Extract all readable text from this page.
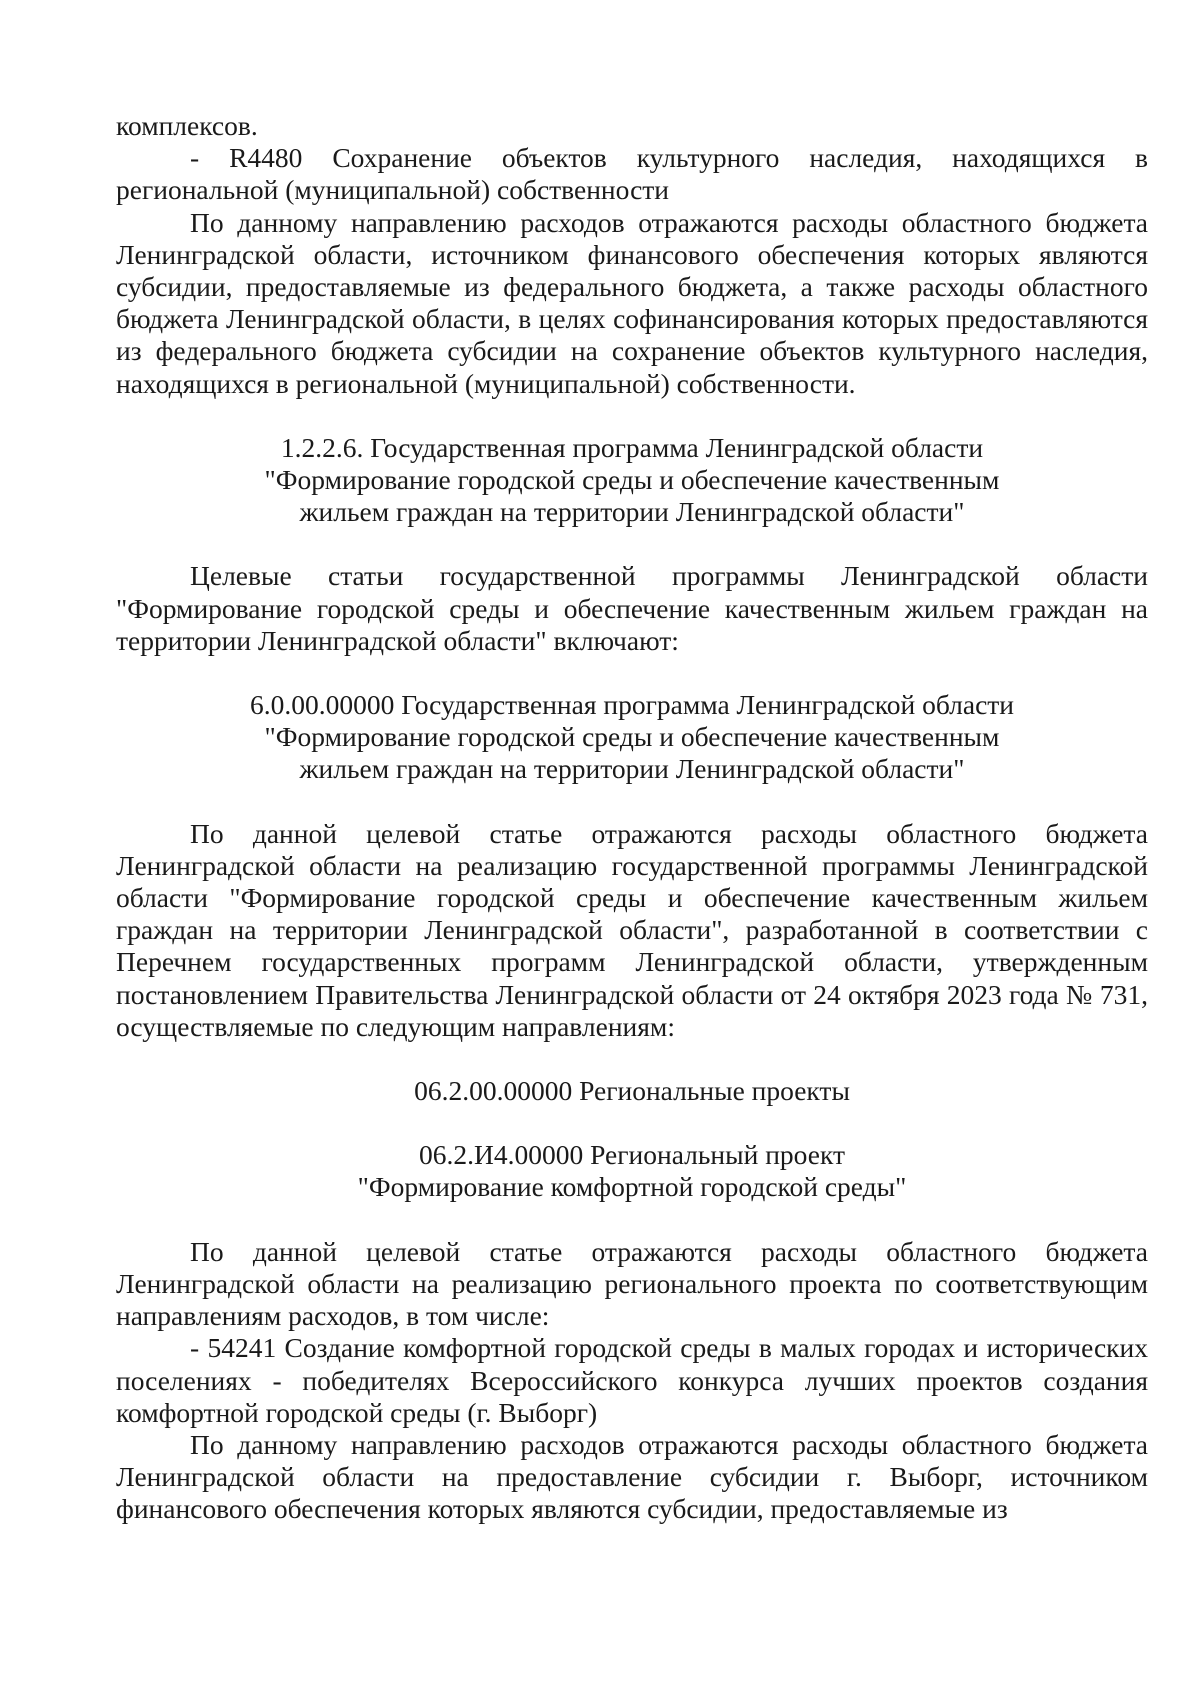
комплексов.

- R4480 Сохранение объектов культурного наследия, находящихся в региональной (муниципальной) собственности

По данному направлению расходов отражаются расходы областного бюджета Ленинградской области, источником финансового обеспечения которых являются субсидии, предоставляемые из федерального бюджета, а также расходы областного бюджета Ленинградской области, в целях софинансирования которых предоставляются из федерального бюджета субсидии на сохранение объектов культурного наследия, находящихся в региональной (муниципальной) собственности.

1.2.2.6. Государственная программа Ленинградской области

"Формирование городской среды и обеспечение качественным

жильем граждан на территории Ленинградской области"

Целевые статьи государственной программы Ленинградской области "Формирование городской среды и обеспечение качественным жильем граждан на территории Ленинградской области" включают:

6.0.00.00000 Государственная программа Ленинградской области

"Формирование городской среды и обеспечение качественным

жильем граждан на территории Ленинградской области"

По данной целевой статье отражаются расходы областного бюджета Ленинградской области на реализацию государственной программы Ленинградской области "Формирование городской среды и обеспечение качественным жильем граждан на территории Ленинградской области", разработанной в соответствии с Перечнем государственных программ Ленинградской области, утвержденным постановлением Правительства Ленинградской области от 24 октября 2023 года № 731, осуществляемые по следующим направлениям:

06.2.00.00000 Региональные проекты

06.2.И4.00000 Региональный проект

"Формирование комфортной городской среды"

По данной целевой статье отражаются расходы областного бюджета Ленинградской области на реализацию регионального проекта по соответствующим направлениям расходов, в том числе:

- 54241 Создание комфортной городской среды в малых городах и исторических поселениях - победителях Всероссийского конкурса лучших проектов создания комфортной городской среды (г. Выборг)

По данному направлению расходов отражаются расходы областного бюджета Ленинградской области на предоставление субсидии г. Выборг, источником финансового обеспечения которых являются субсидии, предоставляемые из
